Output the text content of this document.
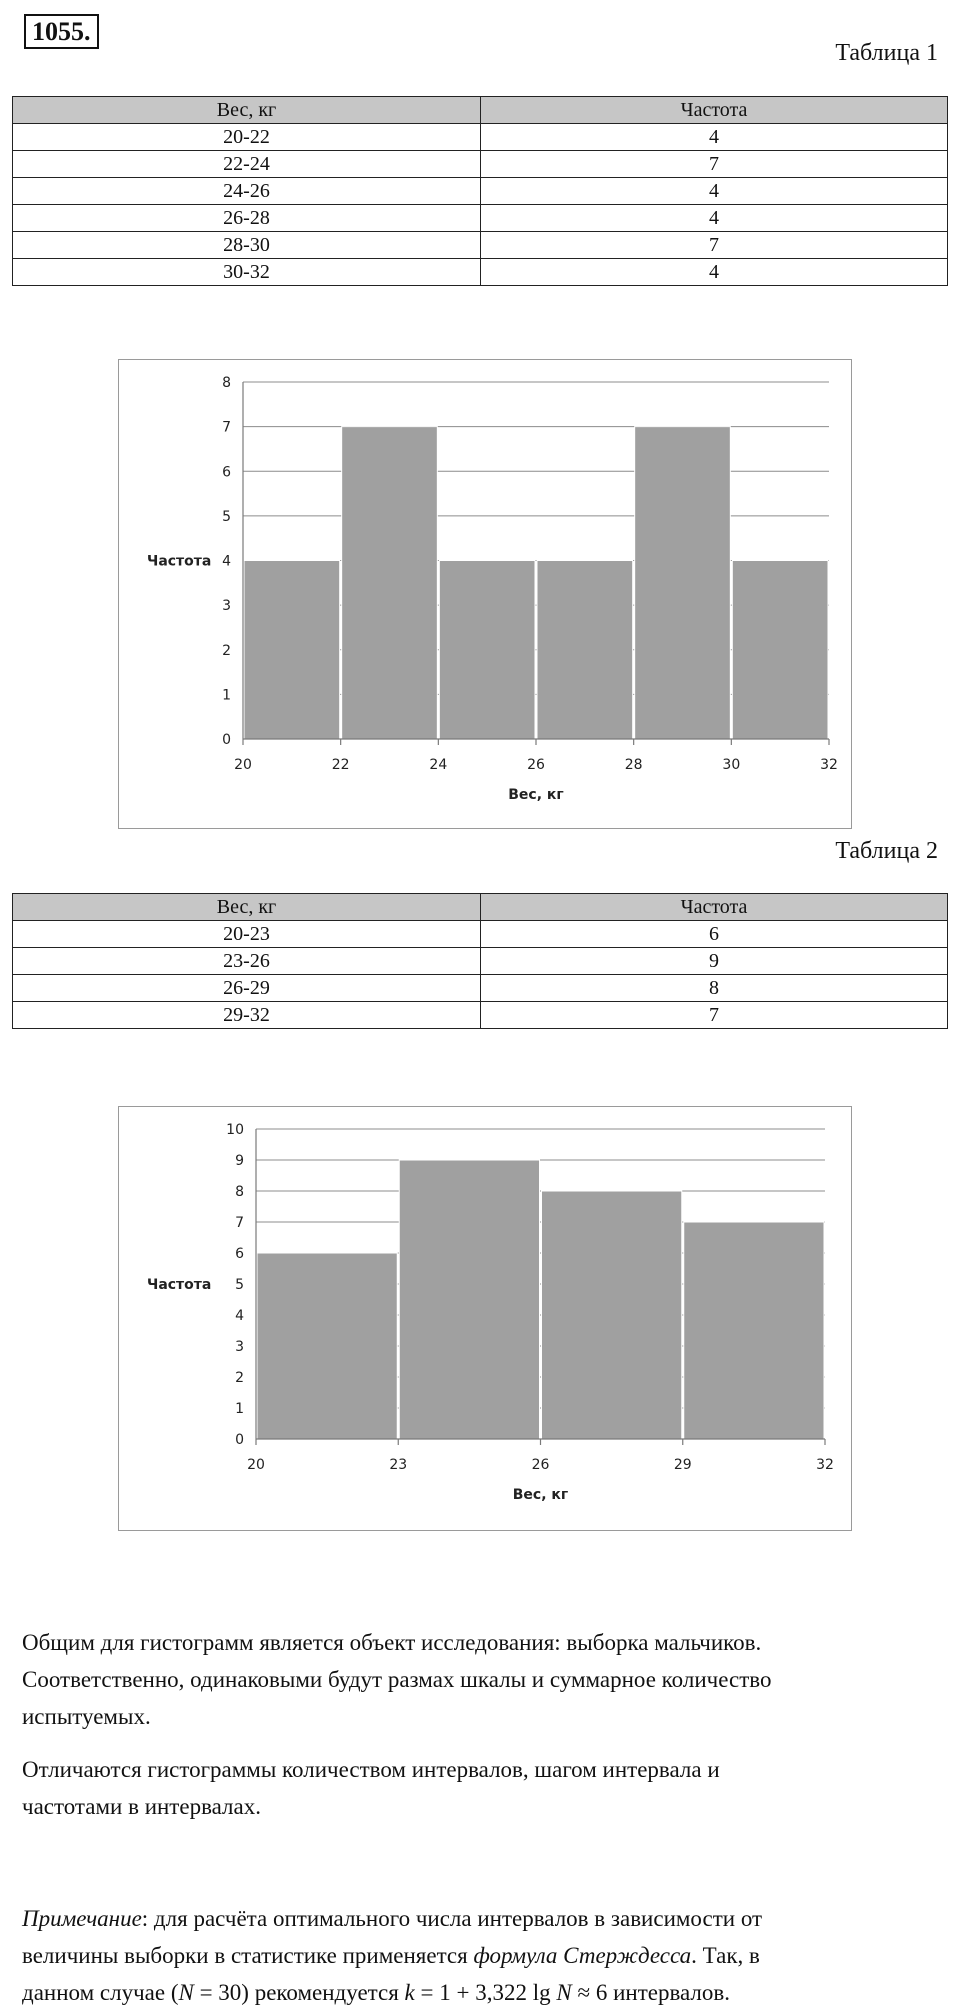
1055.
Таблица 1
Вес, кг	Частота
20-22	4
22-24	7
24-26	4
26-28	4
28-30	7
30-32	4
0
1
2
3
4
5
6
7
8
20	22	24	26	28	30	32
Вес, кг
Частота
Таблица 2
Вес, кг	Частота
20-23	6
23-26	9
26-29	8
29-32	7
0
1
2
3
4
5
6
7
8
9
10
20	23	26	29	32
Вес, кг
Частота

Общим для гистограмм является объект исследования: выборка мальчиков.
Соответственно, одинаковыми будут размах шкалы и суммарное количество
испытуемых.

Отличаются гистограммы количеством интервалов, шагом интервала и
частотами в интервалах.

Примечание: для расчёта оптимального числа интервалов в зависимости от
величины выборки в статистике применяется формула Стерждесса. Так, в
данном случае (N = 30) рекомендуется k = 1 + 3,322 lg N ≈ 6 интервалов.
